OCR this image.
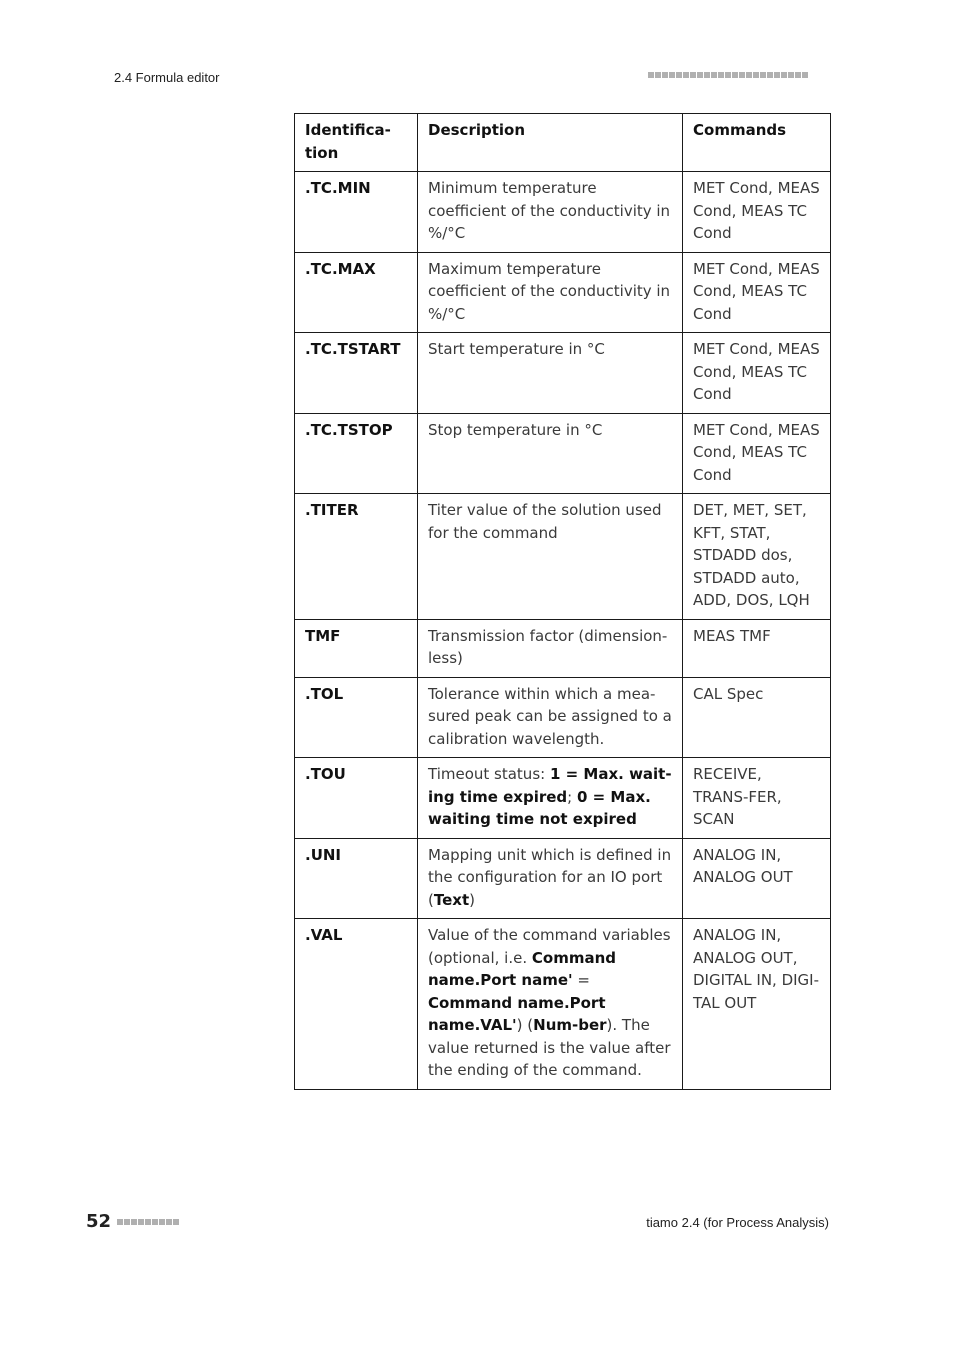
2.4 Formula editor
Identifica-
tion	Description	Commands
.TC.MIN	Minimum temperature coefficient of the conductivity in %/°C	MET Cond, MEAS Cond, MEAS TC Cond
.TC.MAX	Maximum temperature coefficient of the conductivity in %/°C	MET Cond, MEAS Cond, MEAS TC Cond
.TC.TSTART	Start temperature in °C	MET Cond, MEAS Cond, MEAS TC Cond
.TC.TSTOP	Stop temperature in °C	MET Cond, MEAS Cond, MEAS TC Cond
.TITER	Titer value of the solution used for the command	DET, MET, SET, KFT, STAT, STDADD dos, STDADD auto, ADD, DOS, LQH
TMF	Transmission factor (dimension-less)	MEAS TMF
.TOL	Tolerance within which a mea-sured peak can be assigned to a calibration wavelength.	CAL Spec
.TOU	Timeout status: 1 = Max. wait-ing time expired; 0 = Max. waiting time not expired	RECEIVE, TRANS-FER, SCAN
.UNI	Mapping unit which is defined in the configuration for an IO port (Text)	ANALOG IN, ANALOG OUT
.VAL	Value of the command variables (optional, i.e. Command name.Port name' = Command name.Port name.VAL') (Num-ber). The value returned is the value after the ending of the command.	ANALOG IN, ANALOG OUT, DIGITAL IN, DIGI-TAL OUT
52	tiamo 2.4 (for Process Analysis)
